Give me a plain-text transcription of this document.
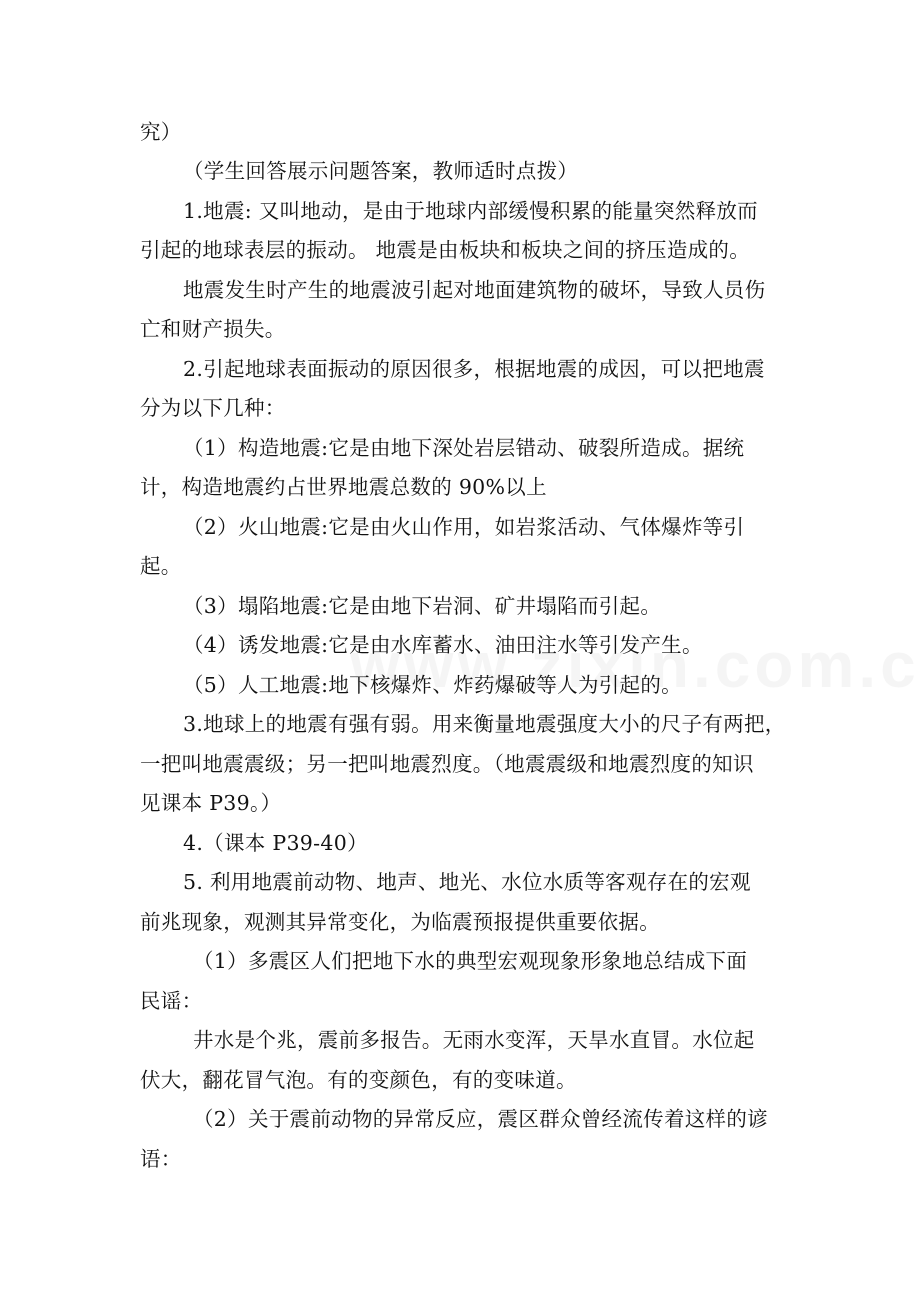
究）
（学生回答展示问题答案，教师适时点拨）
1.地震: 又叫地动，是由于地球内部缓慢积累的能量突然释放而
引起的地球表层的振动。 地震是由板块和板块之间的挤压造成的。
地震发生时产生的地震波引起对地面建筑物的破坏，导致人员伤
亡和财产损失。
2.引起地球表面振动的原因很多，根据地震的成因，可以把地震
分为以下几种：
（1）构造地震:它是由地下深处岩层错动、破裂所造成。据统
计，构造地震约占世界地震总数的 90%以上
（2）火山地震:它是由火山作用，如岩浆活动、气体爆炸等引
起。
（3）塌陷地震:它是由地下岩洞、矿井塌陷而引起。
（4）诱发地震:它是由水库蓄水、油田注水等引发产生。
（5）人工地震:地下核爆炸、炸药爆破等人为引起的。
3.地球上的地震有强有弱。用来衡量地震强度大小的尺子有两把，
一把叫地震震级；另一把叫地震烈度。（地震震级和地震烈度的知识
见课本 P39。）
4.（课本 P39-40）
5. 利用地震前动物、地声、地光、水位水质等客观存在的宏观
前兆现象，观测其异常变化，为临震预报提供重要依据。
（1）多震区人们把地下水的典型宏观现象形象地总结成下面
民谣：
井水是个兆，震前多报告。无雨水变浑，天旱水直冒。水位起
伏大，翻花冒气泡。有的变颜色，有的变味道。
（2）关于震前动物的异常反应，震区群众曾经流传着这样的谚
语：
